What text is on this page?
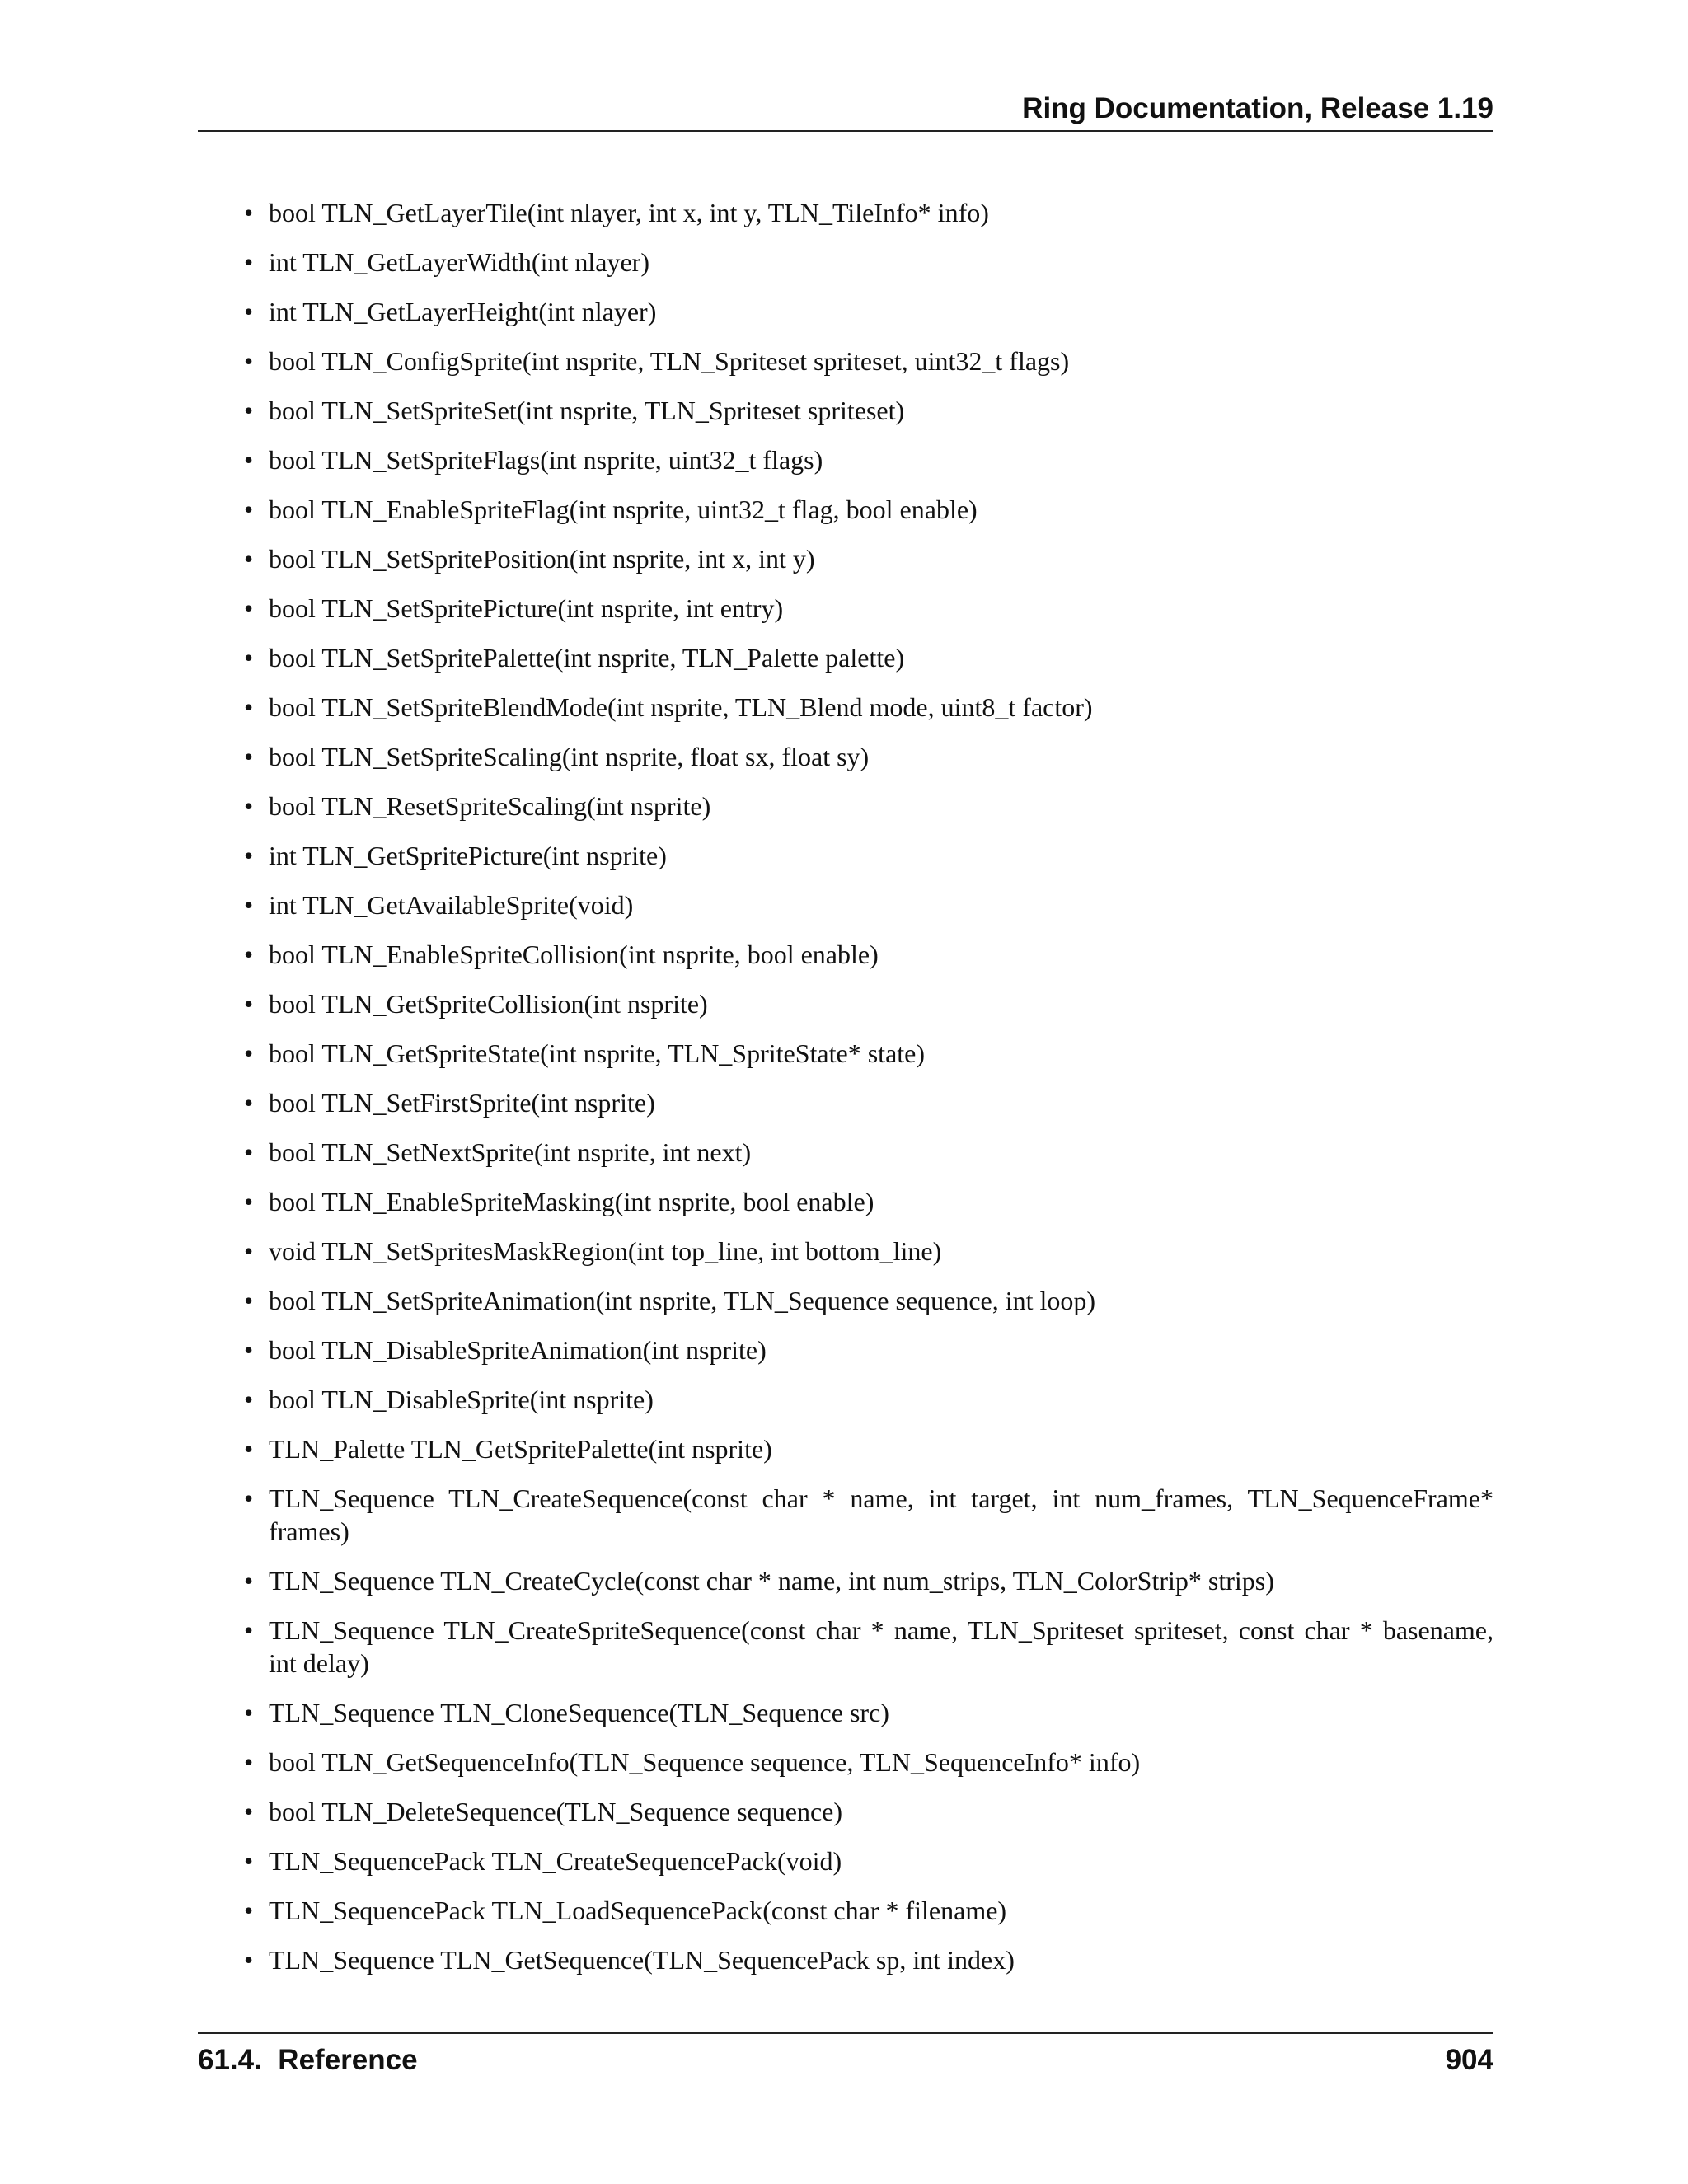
Ring Documentation, Release 1.19
• bool TLN_GetLayerTile(int nlayer, int x, int y, TLN_TileInfo* info)
• int TLN_GetLayerWidth(int nlayer)
• int TLN_GetLayerHeight(int nlayer)
• bool TLN_ConfigSprite(int nsprite, TLN_Spriteset spriteset, uint32_t flags)
• bool TLN_SetSpriteSet(int nsprite, TLN_Spriteset spriteset)
• bool TLN_SetSpriteFlags(int nsprite, uint32_t flags)
• bool TLN_EnableSpriteFlag(int nsprite, uint32_t flag, bool enable)
• bool TLN_SetSpritePosition(int nsprite, int x, int y)
• bool TLN_SetSpritePicture(int nsprite, int entry)
• bool TLN_SetSpritePalette(int nsprite, TLN_Palette palette)
• bool TLN_SetSpriteBlendMode(int nsprite, TLN_Blend mode, uint8_t factor)
• bool TLN_SetSpriteScaling(int nsprite, float sx, float sy)
• bool TLN_ResetSpriteScaling(int nsprite)
• int TLN_GetSpritePicture(int nsprite)
• int TLN_GetAvailableSprite(void)
• bool TLN_EnableSpriteCollision(int nsprite, bool enable)
• bool TLN_GetSpriteCollision(int nsprite)
• bool TLN_GetSpriteState(int nsprite, TLN_SpriteState* state)
• bool TLN_SetFirstSprite(int nsprite)
• bool TLN_SetNextSprite(int nsprite, int next)
• bool TLN_EnableSpriteMasking(int nsprite, bool enable)
• void TLN_SetSpritesMaskRegion(int top_line, int bottom_line)
• bool TLN_SetSpriteAnimation(int nsprite, TLN_Sequence sequence, int loop)
• bool TLN_DisableSpriteAnimation(int nsprite)
• bool TLN_DisableSprite(int nsprite)
• TLN_Palette TLN_GetSpritePalette(int nsprite)
• TLN_Sequence TLN_CreateSequence(const char * name, int target, int num_frames, TLN_SequenceFrame* frames)
• TLN_Sequence TLN_CreateCycle(const char * name, int num_strips, TLN_ColorStrip* strips)
• TLN_Sequence TLN_CreateSpriteSequence(const char * name, TLN_Spriteset spriteset, const char * basename, int delay)
• TLN_Sequence TLN_CloneSequence(TLN_Sequence src)
• bool TLN_GetSequenceInfo(TLN_Sequence sequence, TLN_SequenceInfo* info)
• bool TLN_DeleteSequence(TLN_Sequence sequence)
• TLN_SequencePack TLN_CreateSequencePack(void)
• TLN_SequencePack TLN_LoadSequencePack(const char * filename)
• TLN_Sequence TLN_GetSequence(TLN_SequencePack sp, int index)
61.4.  Reference	904
